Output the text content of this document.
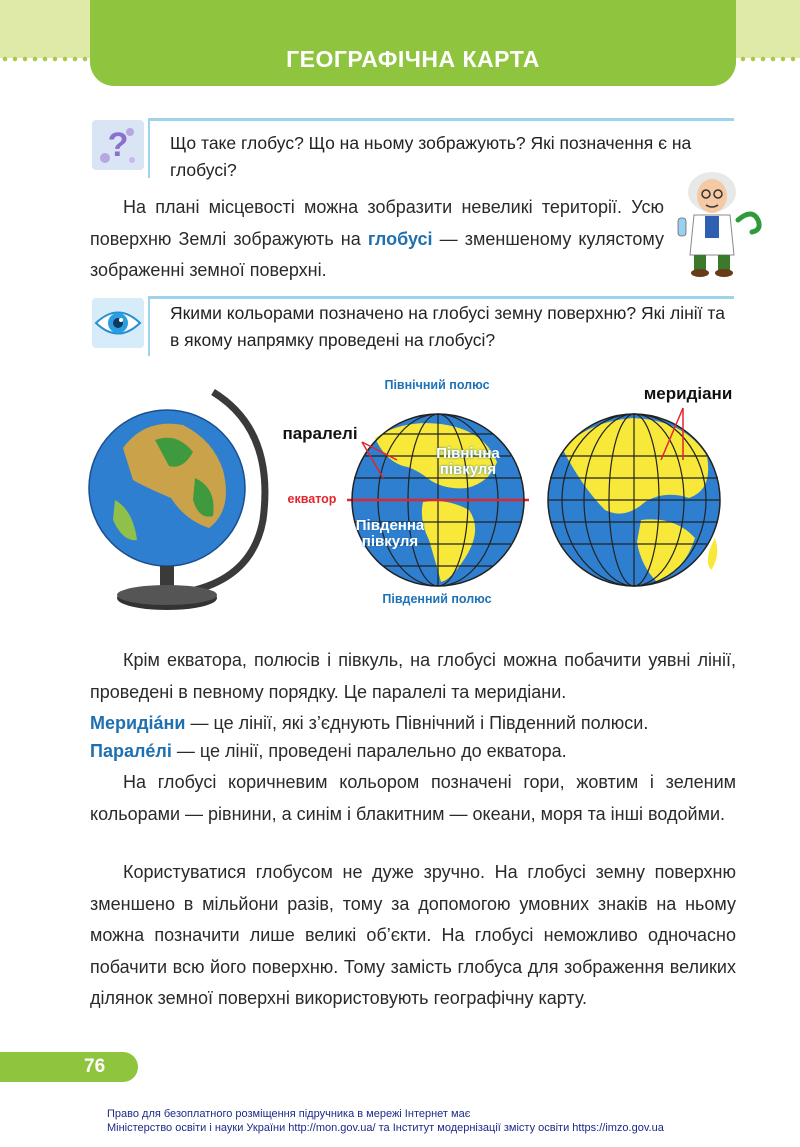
ГЕОГРАФІЧНА КАРТА
? Що таке глобус? Що на ньому зображують? Які позначення є на глобусі?
На плані місцевості можна зобразити невеликі території. Усю поверхню Землі зображують на глобусі — зменшеному кулястому зображенні земної поверхні.
Якими кольорами позначено на глобусі земну поверхню? Які лінії та в якому напрямку проведені на глобусі?
Північний полюс
Південний полюс
паралелі
екватор
Північна півкуля
Південна півкуля
меридіани
Крім екватора, полюсів і півкуль, на глобусі можна побачити уявні лінії, проведені в певному порядку. Це паралелі та меридіани.
Меридіáни — це лінії, які з’єднують Північний і Південний полюси.
Паралéлі — це лінії, проведені паралельно до екватора.
На глобусі коричневим кольором позначені гори, жовтим і зеленим кольорами — рівнини, а синім і блакитним — океани, моря та інші водойми.
Користуватися глобусом не дуже зручно. На глобусі земну поверхню зменшено в мільйони разів, тому за допомогою умовних знаків на ньому можна позначити лише великі об’єкти. На глобусі неможливо одночасно побачити всю його поверхню. Тому замість глобуса для зображення великих ділянок земної поверхні використовують географічну карту.
76
Право для безоплатного розміщення підручника в мережі Інтернет має
Міністерство освіти і науки України http://mon.gov.ua/ та Інститут модернізації змісту освіти https://imzo.gov.ua
